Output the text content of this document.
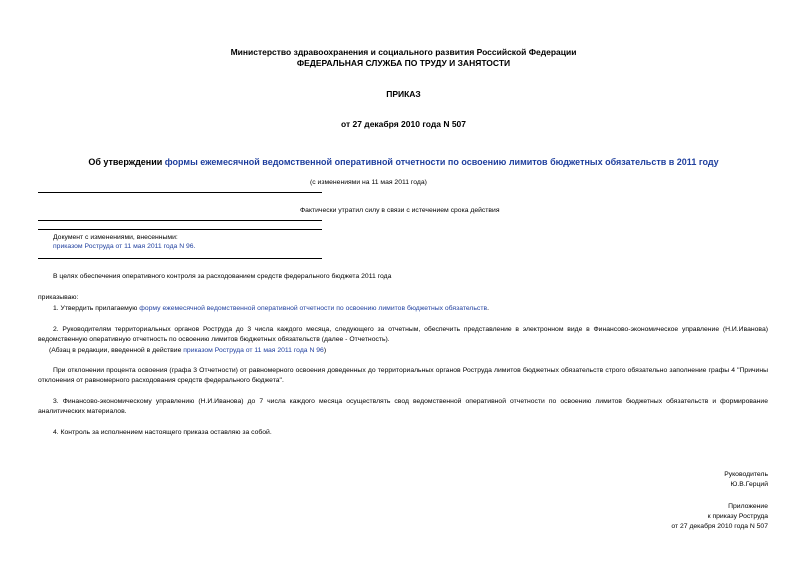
Министерство здравоохранения и социального развития Российской Федерации
ФЕДЕРАЛЬНАЯ СЛУЖБА ПО ТРУДУ И ЗАНЯТОСТИ
ПРИКАЗ
от 27 декабря 2010 года N 507
Об утверждении формы ежемесячной ведомственной оперативной отчетности по освоению лимитов бюджетных обязательств в 2011 году
(с изменениями на 11 мая 2011 года)
Фактически утратил силу в связи с истечением срока действия
Документ с изменениями, внесенными:
приказом Роструда от 11 мая 2011 года N 96.
В целях обеспечения оперативного контроля за расходованием средств федерального бюджета 2011 года
приказываю:
1. Утвердить прилагаемую форму ежемесячной ведомственной оперативной отчетности по освоению лимитов бюджетных обязательств.
2. Руководителям территориальных органов Роструда до 3 числа каждого месяца, следующего за отчетным, обеспечить представление в электронном виде в Финансово-экономическое управление (Н.И.Иванова) ведомственную оперативную отчетность по освоению лимитов бюджетных обязательств (далее - Отчетность).
(Абзац в редакции, введенной в действие приказом Роструда от 11 мая 2011 года N 96)
При отклонении процента освоения (графа 3 Отчетности) от равномерного освоения доведенных до территориальных органов Роструда лимитов бюджетных обязательств строго обязательно заполнение графы 4 "Причины отклонения от равномерного расходования средств федерального бюджета".
3. Финансово-экономическому управлению (Н.И.Иванова) до 7 числа каждого месяца осуществлять свод ведомственной оперативной отчетности по освоению лимитов бюджетных обязательств и формирование аналитических материалов.
4. Контроль за исполнением настоящего приказа оставляю за собой.
Руководитель
Ю.В.Герций
Приложение
к приказу Роструда
от 27 декабря 2010 года N 507
